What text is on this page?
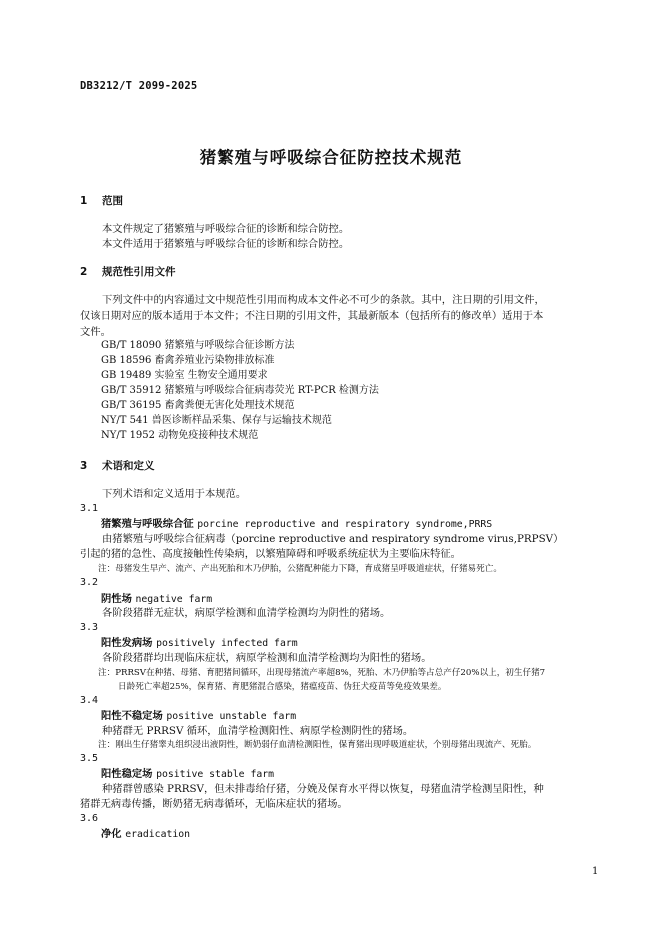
DB3212/T 2099-2025
猪繁殖与呼吸综合征防控技术规范
1 范围
本文件规定了猪繁殖与呼吸综合征的诊断和综合防控。
本文件适用于猪繁殖与呼吸综合征的诊断和综合防控。
2 规范性引用文件
下列文件中的内容通过文中规范性引用而构成本文件必不可少的条款。其中，注日期的引用文件，
仅该日期对应的版本适用于本文件；不注日期的引用文件，其最新版本（包括所有的修改单）适用于本
文件。
GB/T 18090 猪繁殖与呼吸综合征诊断方法
GB 18596 畜禽养殖业污染物排放标准
GB 19489 实验室 生物安全通用要求
GB/T 35912 猪繁殖与呼吸综合征病毒荧光 RT-PCR 检测方法
GB/T 36195 畜禽粪便无害化处理技术规范
NY/T 541 兽医诊断样品采集、保存与运输技术规范
NY/T 1952 动物免疫接种技术规范
3 术语和定义
下列术语和定义适用于本规范。
3.1
猪繁殖与呼吸综合征 porcine reproductive and respiratory syndrome,PRRS
由猪繁殖与呼吸综合征病毒（porcine reproductive and respiratory syndrome virus,PRPSV）
引起的猪的急性、高度接触性传染病，以繁殖障碍和呼吸系统症状为主要临床特征。
注：母猪发生早产、流产、产出死胎和木乃伊胎，公猪配种能力下降，育成猪呈呼吸道症状，仔猪易死亡。
3.2
阴性场 negative farm
各阶段猪群无症状，病原学检测和血清学检测均为阴性的猪场。
3.3
阳性发病场 positively infected farm
各阶段猪群均出现临床症状，病原学检测和血清学检测均为阳性的猪场。
注：PRRSV在种猪、母猪、育肥猪间循环，出现母猪流产率超8%，死胎、木乃伊胎等占总产仔20%以上，初生仔猪7
日龄死亡率超25%，保育猪、育肥猪混合感染，猪瘟疫苗、伪狂犬疫苗等免疫效果差。
3.4
阳性不稳定场 positive unstable farm
种猪群无 PRRSV 循环，血清学检测阳性、病原学检测阴性的猪场。
注：刚出生仔猪睾丸组织浸出液阴性，断奶弱仔血清检测阳性，保育猪出现呼吸道症状，个别母猪出现流产、死胎。
3.5
阳性稳定场 positive stable farm
种猪群曾感染 PRRSV，但未排毒给仔猪，分娩及保育水平得以恢复，母猪血清学检测呈阳性，种
猪群无病毒传播，断奶猪无病毒循环，无临床症状的猪场。
3.6
净化 eradication
1
